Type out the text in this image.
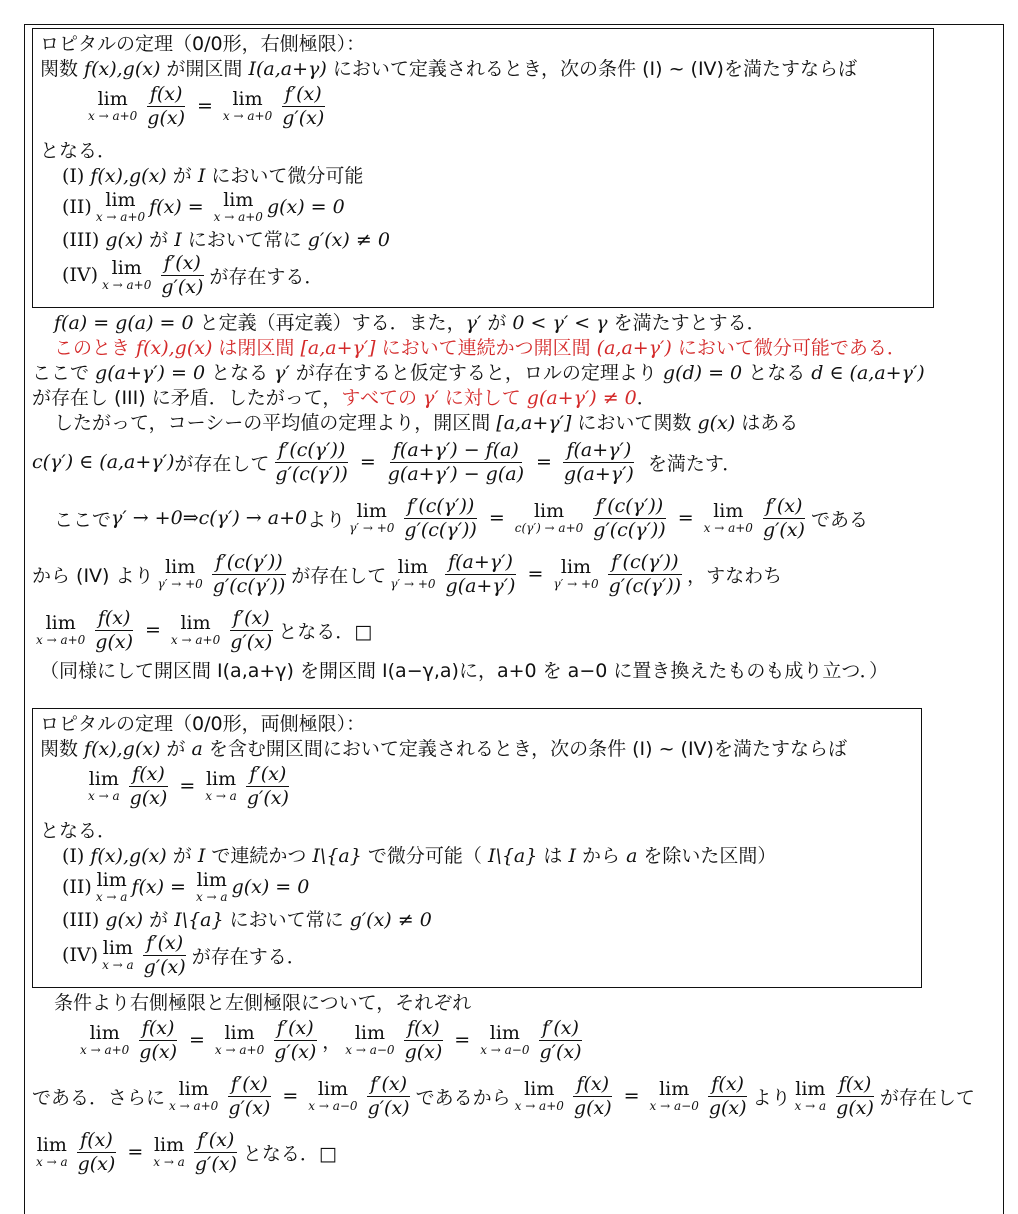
ロピタルの定理（0/0形，右側極限）：
関数 f(x),g(x) が開区間 I(a,a+γ) において定義されるとき，次の条件 (I) ~ (IV)を満たすならば
lim
$x \to a+0 \frac{f(x)}{g(x)} = \lim$
$x \to a+0 \frac{f'(x)}{g'(x)}$
となる．
(I) f(x),g(x) が I において微分可能
(II) lim
x → a+0 f(x) = lim
x → a+0 g(x) = 0
(III) g(x) が I において常に g′(x) ≠ 0
(IV) lim
$x \to a+0 \frac{f'(x)}{g'(x)}$ が存在する．
f(a) = g(a) = 0 と定義（再定義）する．また，γ′ が 0 < γ′ < γ を満たすとする．
このとき f(x),g(x) は閉区間 [a,a+γ′] において連続かつ開区間 (a,a+γ′) において微分可能である．
ここで g(a+γ′) = 0 となる γ′ が存在すると仮定すると，ロルの定理より g(d) = 0 となる d ∈ (a,a+γ′)
が存在し (III) に矛盾．したがって，すべての γ′ に対して g(a+γ′) ≠ 0．
したがって，コーシーの平均値の定理より，開区間 [a,a+γ′] において関数 g(x) はある
c(γ′) ∈ (a,a+γ′) が存在して $\frac{f'(c(\gamma'))}{g'(c(\gamma'))} = \frac{f(a+\gamma') - f(a)}{g(a+\gamma') - g(a)} = \frac{f(a+\gamma')}{g(a+\gamma')}$ を満たす．
ここで γ′ → +0 ⇒ c(γ′) → a+0 より lim
$\gamma' \to +0 \frac{f'(c(\gamma'))}{g'(c(\gamma'))} = \lim$
$c(\gamma') \to a+0 \frac{f'(c(\gamma'))}{g'(c(\gamma'))} = \lim$
$x \to a+0 \frac{f'(x)}{g'(x)}$ である
から (IV) より lim
$\gamma' \to +0 \frac{f'(c(\gamma'))}{g'(c(\gamma'))}$ が存在して lim
$\gamma' \to +0 \frac{f(a+\gamma')}{g(a+\gamma')} = \lim$
$\gamma' \to +0 \frac{f'(c(\gamma'))}{g'(c(\gamma'))}$ ，すなわち
lim
$x \to a+0 \frac{f(x)}{g(x)} = \lim$
$x \to a+0 \frac{f'(x)}{g'(x)}$ となる．□
（同様にして開区間 I(a,a+γ) を開区間 I(a−γ,a)に，a+0 を a−0 に置き換えたものも成り立つ．）
ロピタルの定理（0/0形，両側極限）：
関数 f(x),g(x) が a を含む開区間において定義されるとき，次の条件 (I) ~ (IV)を満たすならば
lim
x → a $\frac{f(x)}{g(x)} = \lim$
x → a $\frac{f'(x)}{g'(x)}$
となる．
(I) f(x),g(x) が I で連続かつ I\{a} で微分可能（ I\{a} は I から a を除いた区間）
(II) lim
x → a f(x) = lim
x → a g(x) = 0
(III) g(x) が I\{a} において常に g′(x) ≠ 0
(IV) lim
x → a $\frac{f'(x)}{g'(x)}$ が存在する．
条件より右側極限と左側極限について，それぞれ
lim
$x \to a+0 \frac{f(x)}{g(x)} = \lim$
$x \to a+0 \frac{f'(x)}{g'(x)}$ ， lim
$x \to a-0 \frac{f(x)}{g(x)} = \lim$
$x \to a-0 \frac{f'(x)}{g'(x)}$
である．さらに lim
$x \to a+0 \frac{f'(x)}{g'(x)} = \lim$
$x \to a-0 \frac{f'(x)}{g'(x)}$ であるから lim
$x \to a+0 \frac{f(x)}{g(x)} = \lim$
$x \to a-0 \frac{f(x)}{g(x)}$ より lim
x → a $\frac{f(x)}{g(x)}$ が存在して
lim
x → a $\frac{f(x)}{g(x)} = \lim$
x → a $\frac{f'(x)}{g'(x)}$ となる．□
